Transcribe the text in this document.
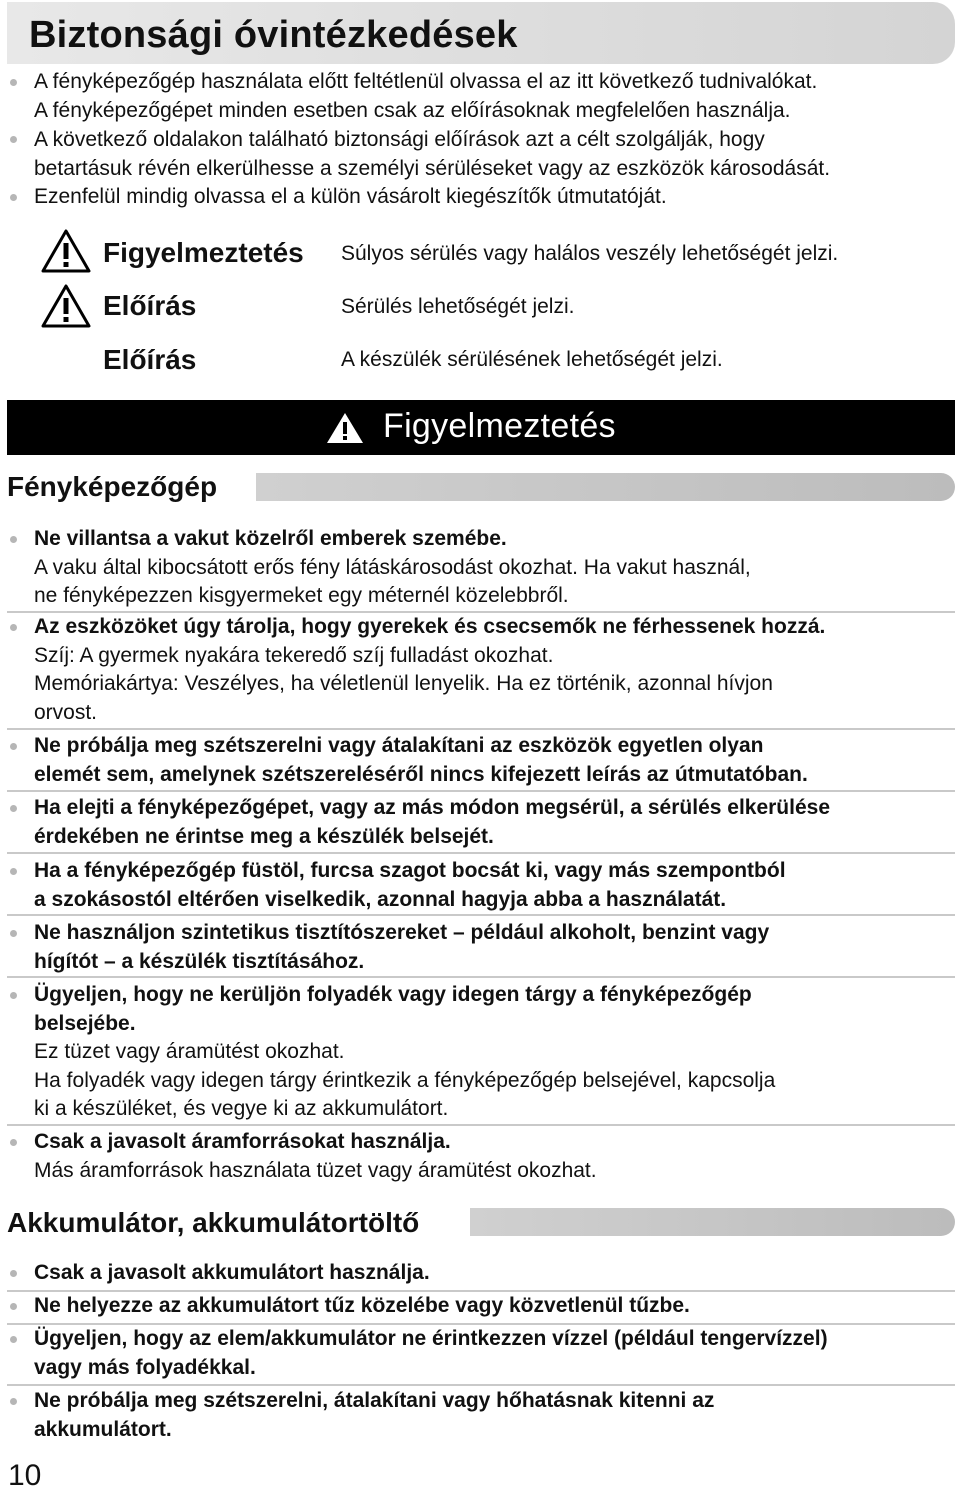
Biztonsági óvintézkedések
A fényképezőgép használata előtt feltétlenül olvassa el az itt következő tudnivalókat.
A fényképezőgépet minden esetben csak az előírásoknak megfelelően használja.
A következő oldalakon található biztonsági előírások azt a célt szolgálják, hogy
betartásuk révén elkerülhesse a személyi sérüléseket vagy az eszközök károsodását.
Ezenfelül mindig olvassa el a külön vásárolt kiegészítők útmutatóját.
Figyelmeztetés Súlyos sérülés vagy halálos veszély lehetőségét jelzi.
Előírás	Sérülés lehetőségét jelzi.
Előírás	A készülék sérülésének lehetőségét jelzi.
Figyelmeztetés
Fényképezőgép
Ne villantsa a vakut közelről emberek szemébe.
A vaku által kibocsátott erős fény látáskárosodást okozhat. Ha vakut használ,
ne fényképezzen kisgyermeket egy méternél közelebbről.
Az eszközöket úgy tárolja, hogy gyerekek és csecsemők ne férhessenek hozzá.
Szíj: A gyermek nyakára tekeredő szíj fulladást okozhat.
Memóriakártya: Veszélyes, ha véletlenül lenyelik. Ha ez történik, azonnal hívjon
orvost.
Ne próbálja meg szétszerelni vagy átalakítani az eszközök egyetlen olyan
elemét sem, amelynek szétszereléséről nincs kifejezett leírás az útmutatóban.
Ha elejti a fényképezőgépet, vagy az más módon megsérül, a sérülés elkerülése
érdekében ne érintse meg a készülék belsejét.
Ha a fényképezőgép füstöl, furcsa szagot bocsát ki, vagy más szempontból
a szokásostól eltérően viselkedik, azonnal hagyja abba a használatát.
Ne használjon szintetikus tisztítószereket – például alkoholt, benzint vagy
hígítót – a készülék tisztításához.
Ügyeljen, hogy ne kerüljön folyadék vagy idegen tárgy a fényképezőgép
belsejébe.
Ez tüzet vagy áramütést okozhat.
Ha folyadék vagy idegen tárgy érintkezik a fényképezőgép belsejével, kapcsolja
ki a készüléket, és vegye ki az akkumulátort.
Csak a javasolt áramforrásokat használja.
Más áramforrások használata tüzet vagy áramütést okozhat.
Akkumulátor, akkumulátortöltő
Csak a javasolt akkumulátort használja.
Ne helyezze az akkumulátort tűz közelébe vagy közvetlenül tűzbe.
Ügyeljen, hogy az elem/akkumulátor ne érintkezzen vízzel (például tengervízzel)
vagy más folyadékkal.
Ne próbálja meg szétszerelni, átalakítani vagy hőhatásnak kitenni az
akkumulátort.
10
